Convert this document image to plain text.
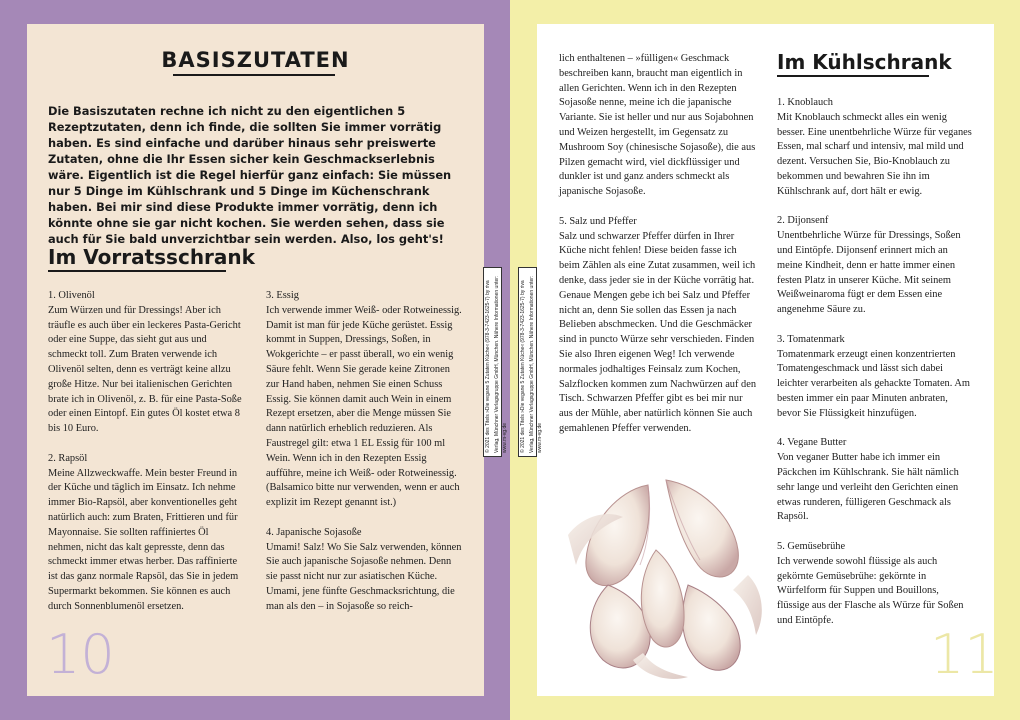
BASISZUTATEN

Die Basiszutaten rechne ich nicht zu den eigentlichen 5 Rezeptzutaten, denn ich finde, die sollten Sie immer vorrätig haben. Es sind einfache und darüber hinaus sehr preiswerte Zutaten, ohne die Ihr Essen sicher kein Geschmackserlebnis wäre. Eigentlich ist die Regel hierfür ganz einfach: Sie müssen nur 5 Dinge im Kühlschrank und 5 Dinge im Küchenschrank haben. Bei mir sind diese Produkte immer vorrätig, denn ich könnte ohne sie gar nicht kochen. Sie werden sehen, dass sie auch für Sie bald unverzichtbar sein werden. Also, los geht's!

Im Vorratsschrank

1. Olivenöl
Zum Würzen und für Dressings! Aber ich träufle es auch über ein leckeres Pasta-Gericht oder eine Suppe, das sieht gut aus und schmeckt toll. Zum Braten verwende ich Olivenöl selten, denn es verträgt keine allzu große Hitze. Nur bei italienischen Gerichten brate ich in Olivenöl, z. B. für eine Pasta-Soße oder einen Eintopf. Ein gutes Öl kostet etwa 8 bis 10 Euro.

2. Rapsöl
Meine Allzweckwaffe. Mein bester Freund in der Küche und täglich im Einsatz. Ich nehme immer Bio-Rapsöl, aber konventionelles geht natürlich auch: zum Braten, Frittieren und für Mayonnaise. Sie sollten raffiniertes Öl nehmen, nicht das kalt gepresste, denn das schmeckt immer etwas herber. Das raffinierte ist das ganz normale Rapsöl, das Sie in jedem Supermarkt bekommen. Sie können es auch durch Sonnenblumenöl ersetzen.

3. Essig
Ich verwende immer Weiß- oder Rotweinessig. Damit ist man für jede Küche gerüstet. Essig kommt in Suppen, Dressings, Soßen, in Wokgerichte – er passt überall, wo ein wenig Säure fehlt. Wenn Sie gerade keine Zitronen zur Hand haben, nehmen Sie einen Schuss Essig. Sie können damit auch Wein in einem Rezept ersetzen, aber die Menge müssen Sie dann natürlich erheblich reduzieren. Als Faustregel gilt: etwa 1 EL Essig für 100 ml Wein. Wenn ich in den Rezepten Essig aufführe, meine ich Weiß- oder Rotweinessig. (Balsamico bitte nur verwenden, wenn er auch explizit im Rezept genannt ist.)

4. Japanische Sojasoße
Umami! Salz! Wo Sie Salz verwenden, können Sie auch japanische Sojasoße nehmen. Denn sie passt nicht nur zur asiatischen Küche. Umami, jene fünfte Geschmacksrichtung, die man als den – in Sojasoße so reich-

10
© 2021 des Titels »Die vegane 5 Zutaten Küche« (978-3-7423-1625-7) by riva Verlag, Münchner Verlagsgruppe GmbH, München. Nähere Informationen unter: www.m-vg.de	© 2021 des Titels »Die vegane 5 Zutaten Küche« (978-3-7423-1625-7) by riva Verlag, Münchner Verlagsgruppe GmbH, München. Nähere Informationen unter: www.m-vg.de

lich enthaltenen – »fülligen« Geschmack beschreiben kann, braucht man eigentlich in allen Gerichten. Wenn ich in den Rezepten Sojasoße nenne, meine ich die japanische Variante. Sie ist heller und nur aus Sojabohnen und Weizen hergestellt, im Gegensatz zu Mushroom Soy (chinesische Sojasoße), die aus Pilzen gemacht wird, viel dickflüssiger und dunkler ist und ganz anders schmeckt als japanische Sojasoße.

5. Salz und Pfeffer
Salz und schwarzer Pfeffer dürfen in Ihrer Küche nicht fehlen! Diese beiden fasse ich beim Zählen als eine Zutat zusammen, weil ich denke, dass jeder sie in der Küche vorrätig hat. Genaue Mengen gebe ich bei Salz und Pfeffer nicht an, denn Sie sollen das Essen ja nach Belieben abschmecken. Und die Geschmäcker sind in puncto Würze sehr verschieden. Finden Sie also Ihren eigenen Weg! Ich verwende normales jodhaltiges Feinsalz zum Kochen, Salzflocken kommen zum Nachwürzen auf den Tisch. Schwarzen Pfeffer gibt es bei mir nur aus der Mühle, aber natürlich können Sie auch gemahlenen Pfeffer verwenden.

Im Kühlschrank

1. Knoblauch
Mit Knoblauch schmeckt alles ein wenig besser. Eine unentbehrliche Würze für veganes Essen, mal scharf und intensiv, mal mild und dezent. Versuchen Sie, Bio-Knoblauch zu bekommen und bewahren Sie ihn im Kühlschrank auf, dort hält er ewig.

2. Dijonsenf
Unentbehrliche Würze für Dressings, Soßen und Eintöpfe. Dijonsenf erinnert mich an meine Kindheit, denn er hatte immer einen festen Platz in unserer Küche. Mit seinem Weißweinaroma fügt er dem Essen eine angenehme Säure zu.

3. Tomatenmark
Tomatenmark erzeugt einen konzentrierten Tomatengeschmack und lässt sich dabei leichter verarbeiten als gehackte Tomaten. Am besten immer ein paar Minuten anbraten, bevor Sie Flüssigkeit hinzufügen.

4. Vegane Butter
Von veganer Butter habe ich immer ein Päckchen im Kühlschrank. Sie hält nämlich sehr lange und verleiht den Gerichten einen etwas runderen, fülligeren Geschmack als Rapsöl.

5. Gemüsebrühe
Ich verwende sowohl flüssige als auch gekörnte Gemüsebrühe: gekörnte in Würfelform für Suppen und Bouillons, flüssige aus der Flasche als Würze für Soßen und Eintöpfe.

11
